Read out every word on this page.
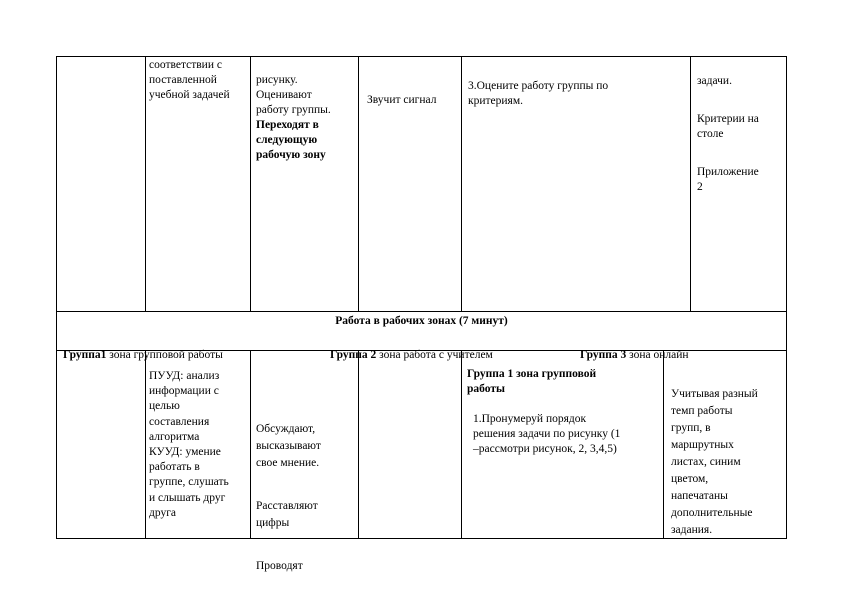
соответствии с
поставленной
учебной задачей

рисунку.
Оценивают
работу группы.
Переходят в
следующую
рабочую зону

Звучит сигнал
3.Оцените работу группы по
критериям.

задачи.

Критерии на
столе

Приложение
2

Работа в рабочих зонах (7 минут)

Группа1 зона групповой работы	Группа 2 зона работа с учителем	Группа 3 зона онлайн

ПУУД: анализ
информации с
целью
составления
алгоритма
КУУД: умение
работать в
группе, слушать
и слышать друг
друга

Обсуждают,
высказывают
свое мнение.

Расставляют
цифры

Проводят

Группа 1 зона групповой
работы

1.Пронумеруй порядок
решения задачи по рисунку (1
–рассмотри рисунок, 2, 3,4,5)

Учитывая разный
темп работы
групп, в
маршрутных
листах, синим
цветом,
напечатаны
дополнительные
задания.
